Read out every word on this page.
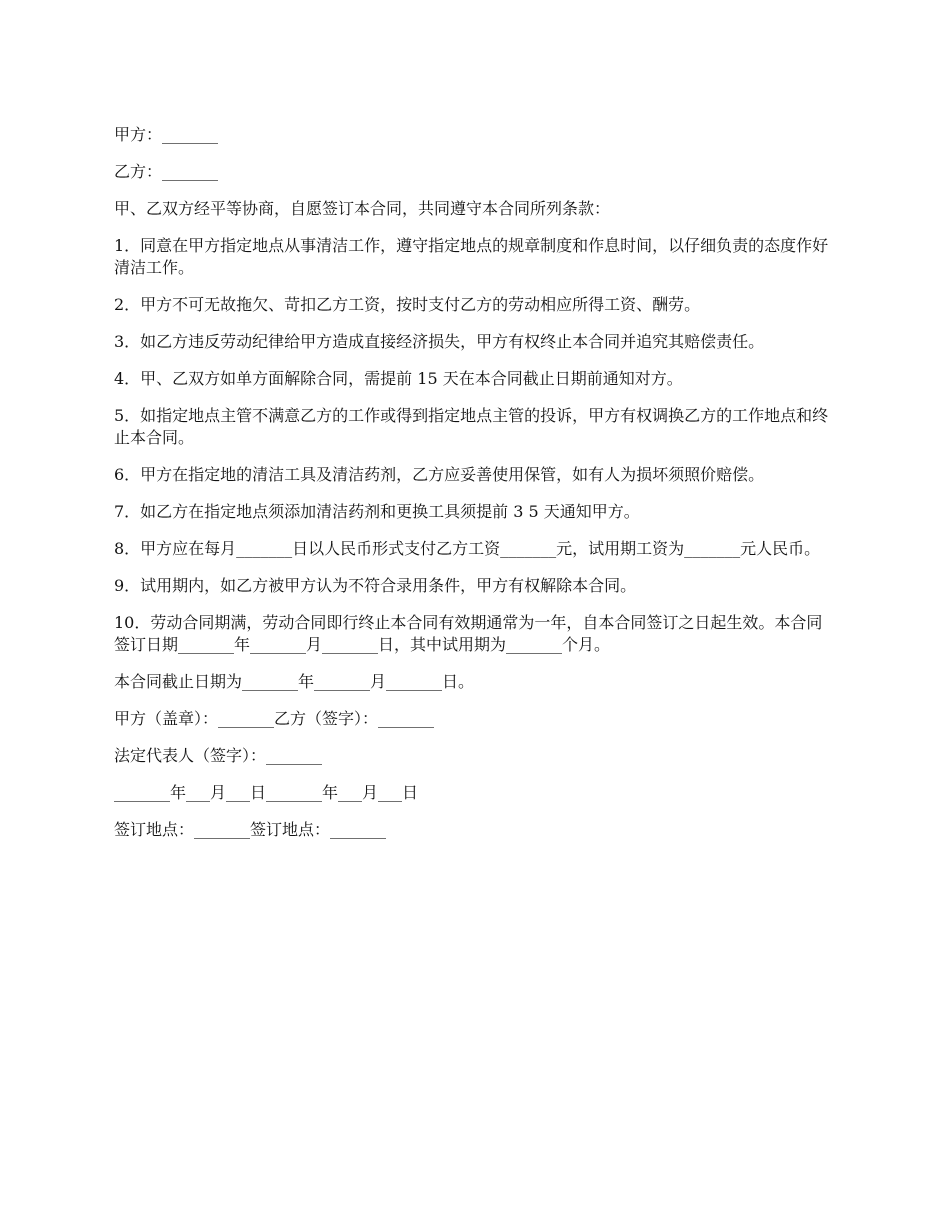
甲方：_______

乙方：_______

甲、乙双方经平等协商，自愿签订本合同，共同遵守本合同所列条款：

1．同意在甲方指定地点从事清洁工作，遵守指定地点的规章制度和作息时间，以仔细负责的态度作好清洁工作。

2．甲方不可无故拖欠、苛扣乙方工资，按时支付乙方的劳动相应所得工资、酬劳。

3．如乙方违反劳动纪律给甲方造成直接经济损失，甲方有权终止本合同并追究其赔偿责任。

4．甲、乙双方如单方面解除合同，需提前 15 天在本合同截止日期前通知对方。

5．如指定地点主管不满意乙方的工作或得到指定地点主管的投诉，甲方有权调换乙方的工作地点和终止本合同。

6．甲方在指定地的清洁工具及清洁药剂，乙方应妥善使用保管，如有人为损坏须照价赔偿。

7．如乙方在指定地点须添加清洁药剂和更换工具须提前 3 5 天通知甲方。

8．甲方应在每月_______日以人民币形式支付乙方工资_______元，试用期工资为_______元人民币。

9．试用期内，如乙方被甲方认为不符合录用条件，甲方有权解除本合同。

10．劳动合同期满，劳动合同即行终止本合同有效期通常为一年，自本合同签订之日起生效。本合同签订日期_______年_______月_______日，其中试用期为_______个月。

本合同截止日期为_______年_______月_______日。

甲方（盖章）：_______乙方（签字）：_______

法定代表人（签字）：_______

_______年___月___日_______年___月___日

签订地点：_______签订地点：_______
